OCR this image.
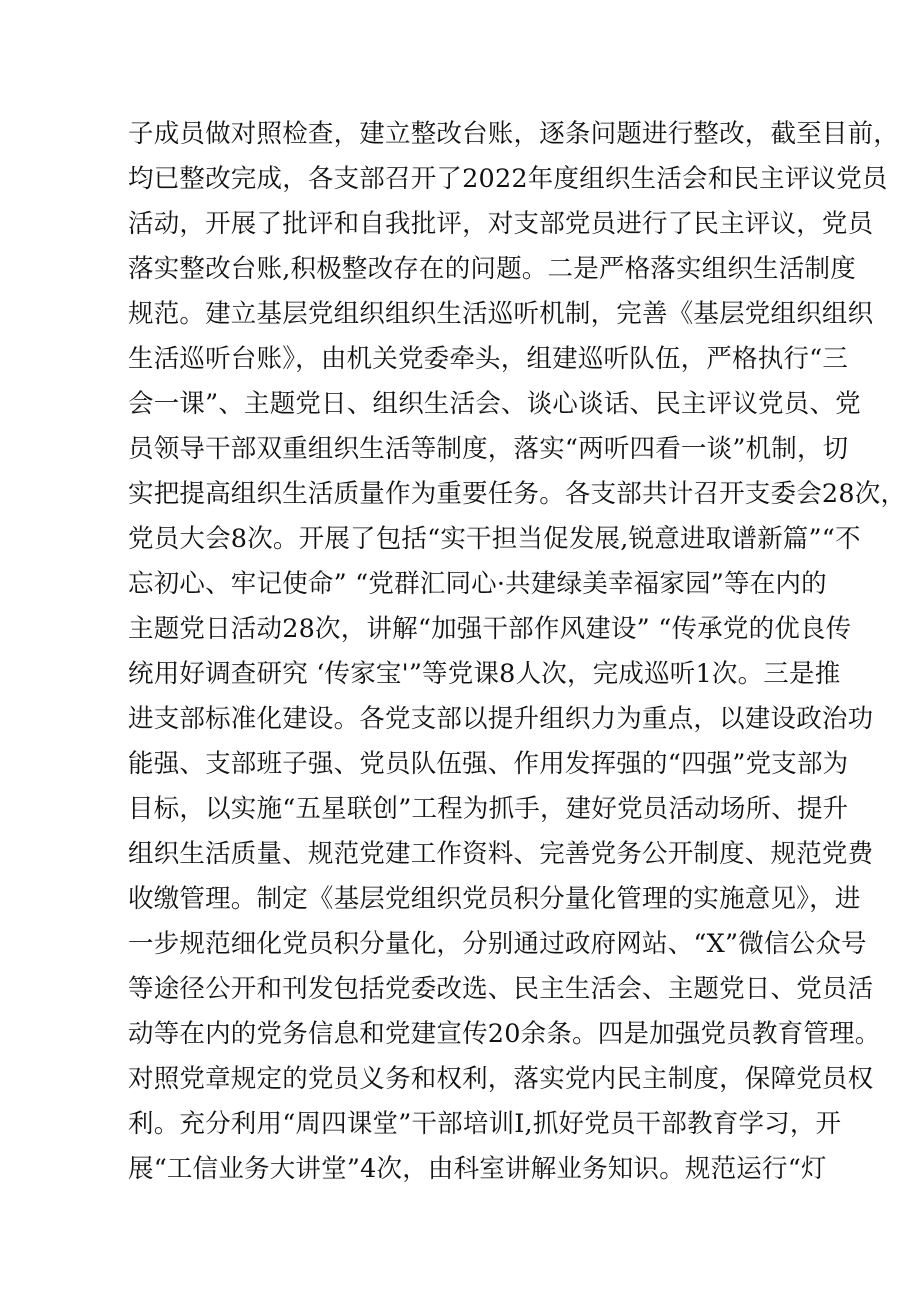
子成员做对照检查，建立整改台账，逐条问题进行整改，截至目前，
均已整改完成，各支部召开了2022年度组织生活会和民主评议党员
活动，开展了批评和自我批评，对支部党员进行了民主评议，党员
落实整改台账,积极整改存在的问题。二是严格落实组织生活制度
规范。建立基层党组织组织生活巡听机制，完善《基层党组织组织
生活巡听台账》，由机关党委牵头，组建巡听队伍，严格执行“三
会一课”、主题党日、组织生活会、谈心谈话、民主评议党员、党
员领导干部双重组织生活等制度，落实“两听四看一谈”机制，切
实把提高组织生活质量作为重要任务。各支部共计召开支委会28次，
党员大会8次。开展了包括“实干担当促发展,锐意进取谱新篇”“不
忘初心、牢记使命” “党群汇同心·共建绿美幸福家园”等在内的
主题党日活动28次，讲解“加强干部作风建设” “传承党的优良传
统用好调查研究 ‘传家宝'”等党课8人次，完成巡听1次。三是推
进支部标准化建设。各党支部以提升组织力为重点，以建设政治功
能强、支部班子强、党员队伍强、作用发挥强的“四强”党支部为
目标，以实施“五星联创”工程为抓手，建好党员活动场所、提升
组织生活质量、规范党建工作资料、完善党务公开制度、规范党费
收缴管理。制定《基层党组织党员积分量化管理的实施意见》，进
一步规范细化党员积分量化，分别通过政府网站、“X”微信公众号
等途径公开和刊发包括党委改选、民主生活会、主题党日、党员活
动等在内的党务信息和党建宣传20余条。四是加强党员教育管理。
对照党章规定的党员义务和权利，落实党内民主制度，保障党员权
利。充分利用“周四课堂”干部培训I,抓好党员干部教育学习，开
展“工信业务大讲堂”4次，由科室讲解业务知识。规范运行“灯
